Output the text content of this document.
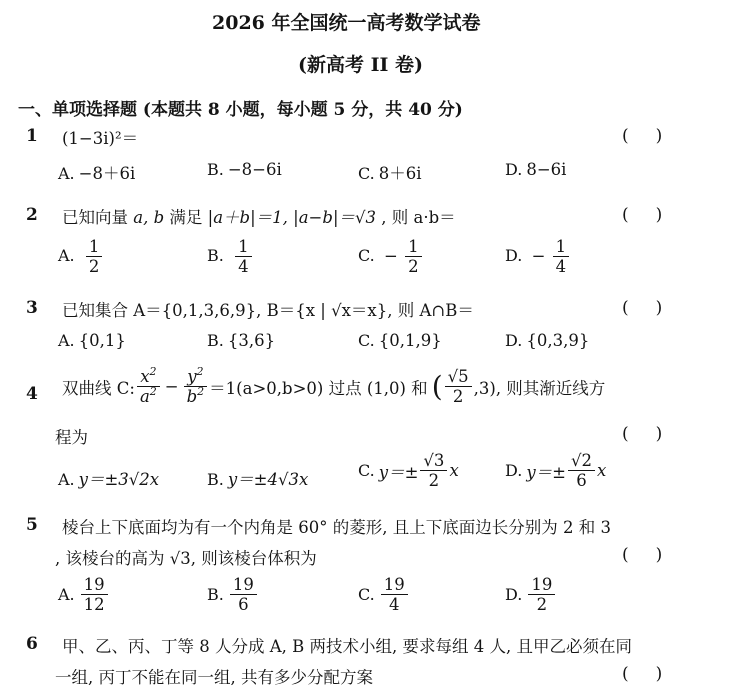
2026 年全国统一高考数学试卷
(新高考 II 卷)
一、单项选择题 (本题共 8 小题，每小题 5 分，共 40 分)
1 (1−3i)²＝	(     )
A. −8＋6i	B. −8−6i	C. 8＋6i	D. 8−6i
2 已知向量 a, b 满足 |a＋b|＝1, |a−b|＝√3 , 则 a·b＝	(     )
A. $\frac{1}{2}$	B. $\frac{1}{4}$	C. − $\frac{1}{2}$	D. − $\frac{1}{4}$
3 已知集合 A＝{0,1,3,6,9}, B＝{x | √x＝x}, 则 A∩B＝	(     )
A. {0,1}	B. {3,6}	C. {0,1,9}	D. {0,3,9}
4 双曲线 C: $\frac{x^2}{a^2} - \frac{y^2}{b^2} =1(a>0,b>0)$ 过点 (1,0) 和 ( $\frac{√5}{2} ,3$), 则其渐近线方
程为	(     )
A. y＝±3√2x	B. y＝±4√3x	C. $y=\pm \frac{√3}{2}$ x	D. $y=\pm \frac{√2}{6}$ x
5 棱台上下底面均为有一个内角是 60° 的菱形, 且上下底面边长分别为 2 和 3
, 该棱台的高为 √3, 则该棱台体积为	(     )
A. $\frac{19}{12}$	B. $\frac{19}{6}$	C. $\frac{19}{4}$	D. $\frac{19}{2}$
6 甲、乙、丙、丁等 8 人分成 A, B 两技术小组, 要求每组 4 人, 且甲乙必须在同
一组, 丙丁不能在同一组, 共有多少分配方案	(     )
